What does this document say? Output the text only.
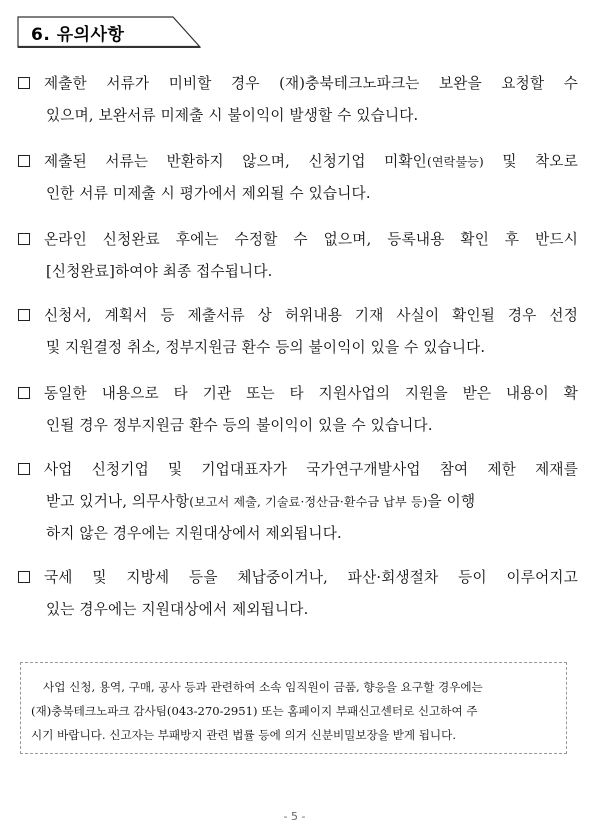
6. 유의사항
제출한 서류가 미비할 경우 (재)충북테크노파크는 보완을 요청할 수
있으며, 보완서류 미제출 시 불이익이 발생할 수 있습니다.
제출된 서류는 반환하지 않으며, 신청기업 미확인(연락불능) 및 착오로
인한 서류 미제출 시 평가에서 제외될 수 있습니다.
온라인 신청완료 후에는 수정할 수 없으며, 등록내용 확인 후 반드시
[신청완료]하여야 최종 접수됩니다.
신청서, 계획서 등 제출서류 상 허위내용 기재 사실이 확인될 경우 선정
및 지원결정 취소, 정부지원금 환수 등의 불이익이 있을 수 있습니다.
동일한 내용으로 타 기관 또는 타 지원사업의 지원을 받은 내용이 확
인될 경우 정부지원금 환수 등의 불이익이 있을 수 있습니다.
사업 신청기업 및 기업대표자가 국가연구개발사업 참여 제한 제재를
받고 있거나, 의무사항(보고서 제출, 기술료·정산금·환수금 납부 등)을 이행
하지 않은 경우에는 지원대상에서 제외됩니다.
국세 및 지방세 등을 체납중이거나, 파산·회생절차 등이 이루어지고
있는 경우에는 지원대상에서 제외됩니다.
사업 신청, 용역, 구매, 공사 등과 관련하여 소속 임직원이 금품, 향응을 요구할 경우에는
(재)충북테크노파크 감사팀(043-270-2951) 또는 홈페이지 부패신고센터로 신고하여 주
시기 바랍니다. 신고자는 부패방지 관련 법률 등에 의거 신분비밀보장을 받게 됩니다.
- 5 -
